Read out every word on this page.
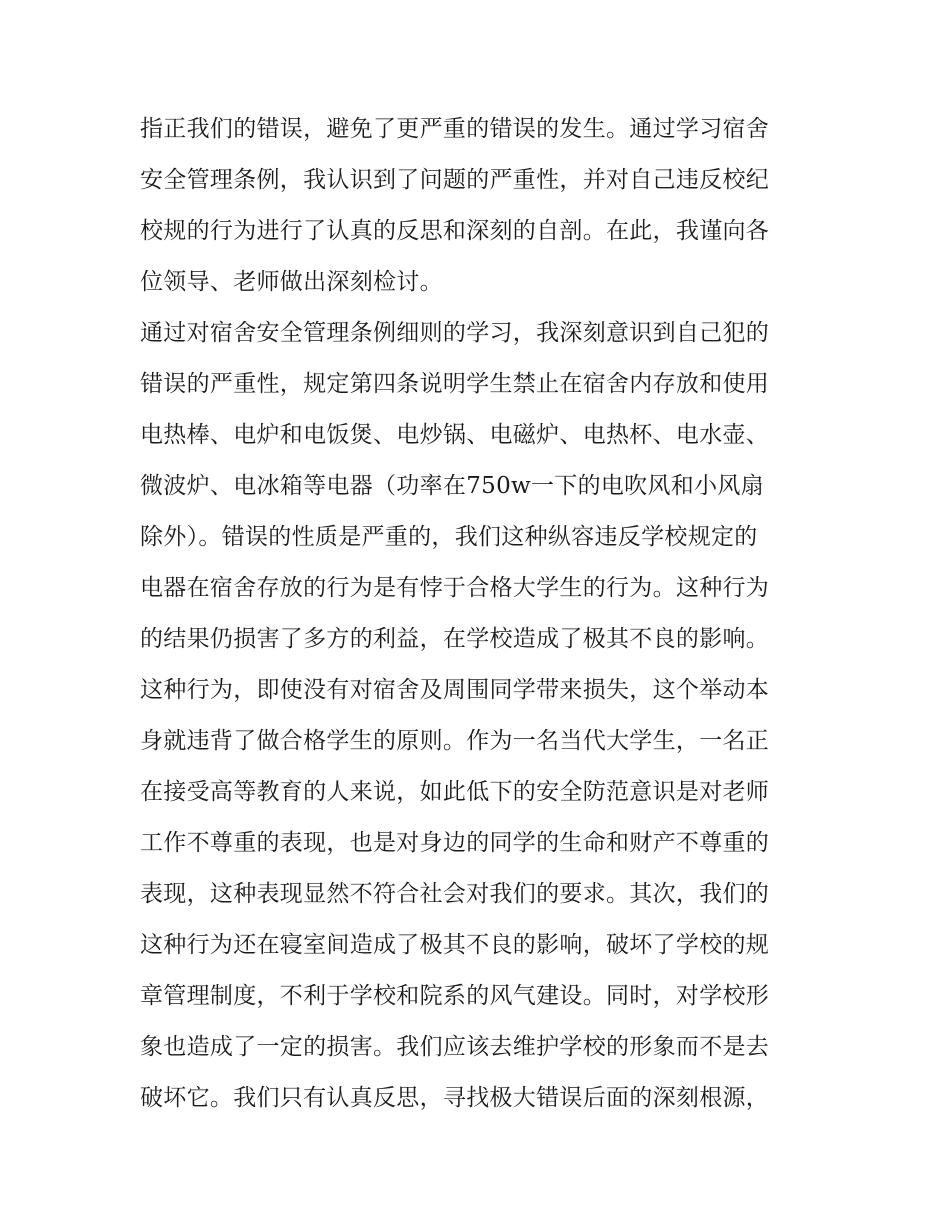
指正我们的错误，避免了更严重的错误的发生。通过学习宿舍
安全管理条例，我认识到了问题的严重性，并对自己违反校纪
校规的行为进行了认真的反思和深刻的自剖。在此，我谨向各
位领导、老师做出深刻检讨。
通过对宿舍安全管理条例细则的学习，我深刻意识到自己犯的
错误的严重性，规定第四条说明学生禁止在宿舍内存放和使用
电热棒、电炉和电饭煲、电炒锅、电磁炉、电热杯、电水壶、
微波炉、电冰箱等电器（功率在750w一下的电吹风和小风扇
除外）。错误的性质是严重的，我们这种纵容违反学校规定的
电器在宿舍存放的行为是有悖于合格大学生的行为。这种行为
的结果仍损害了多方的利益，在学校造成了极其不良的影响。
这种行为，即使没有对宿舍及周围同学带来损失，这个举动本
身就违背了做合格学生的原则。作为一名当代大学生，一名正
在接受高等教育的人来说，如此低下的安全防范意识是对老师
工作不尊重的表现，也是对身边的同学的生命和财产不尊重的
表现，这种表现显然不符合社会对我们的要求。其次，我们的
这种行为还在寝室间造成了极其不良的影响，破坏了学校的规
章管理制度，不利于学校和院系的风气建设。同时，对学校形
象也造成了一定的损害。我们应该去维护学校的形象而不是去
破坏它。我们只有认真反思，寻找极大错误后面的深刻根源，
